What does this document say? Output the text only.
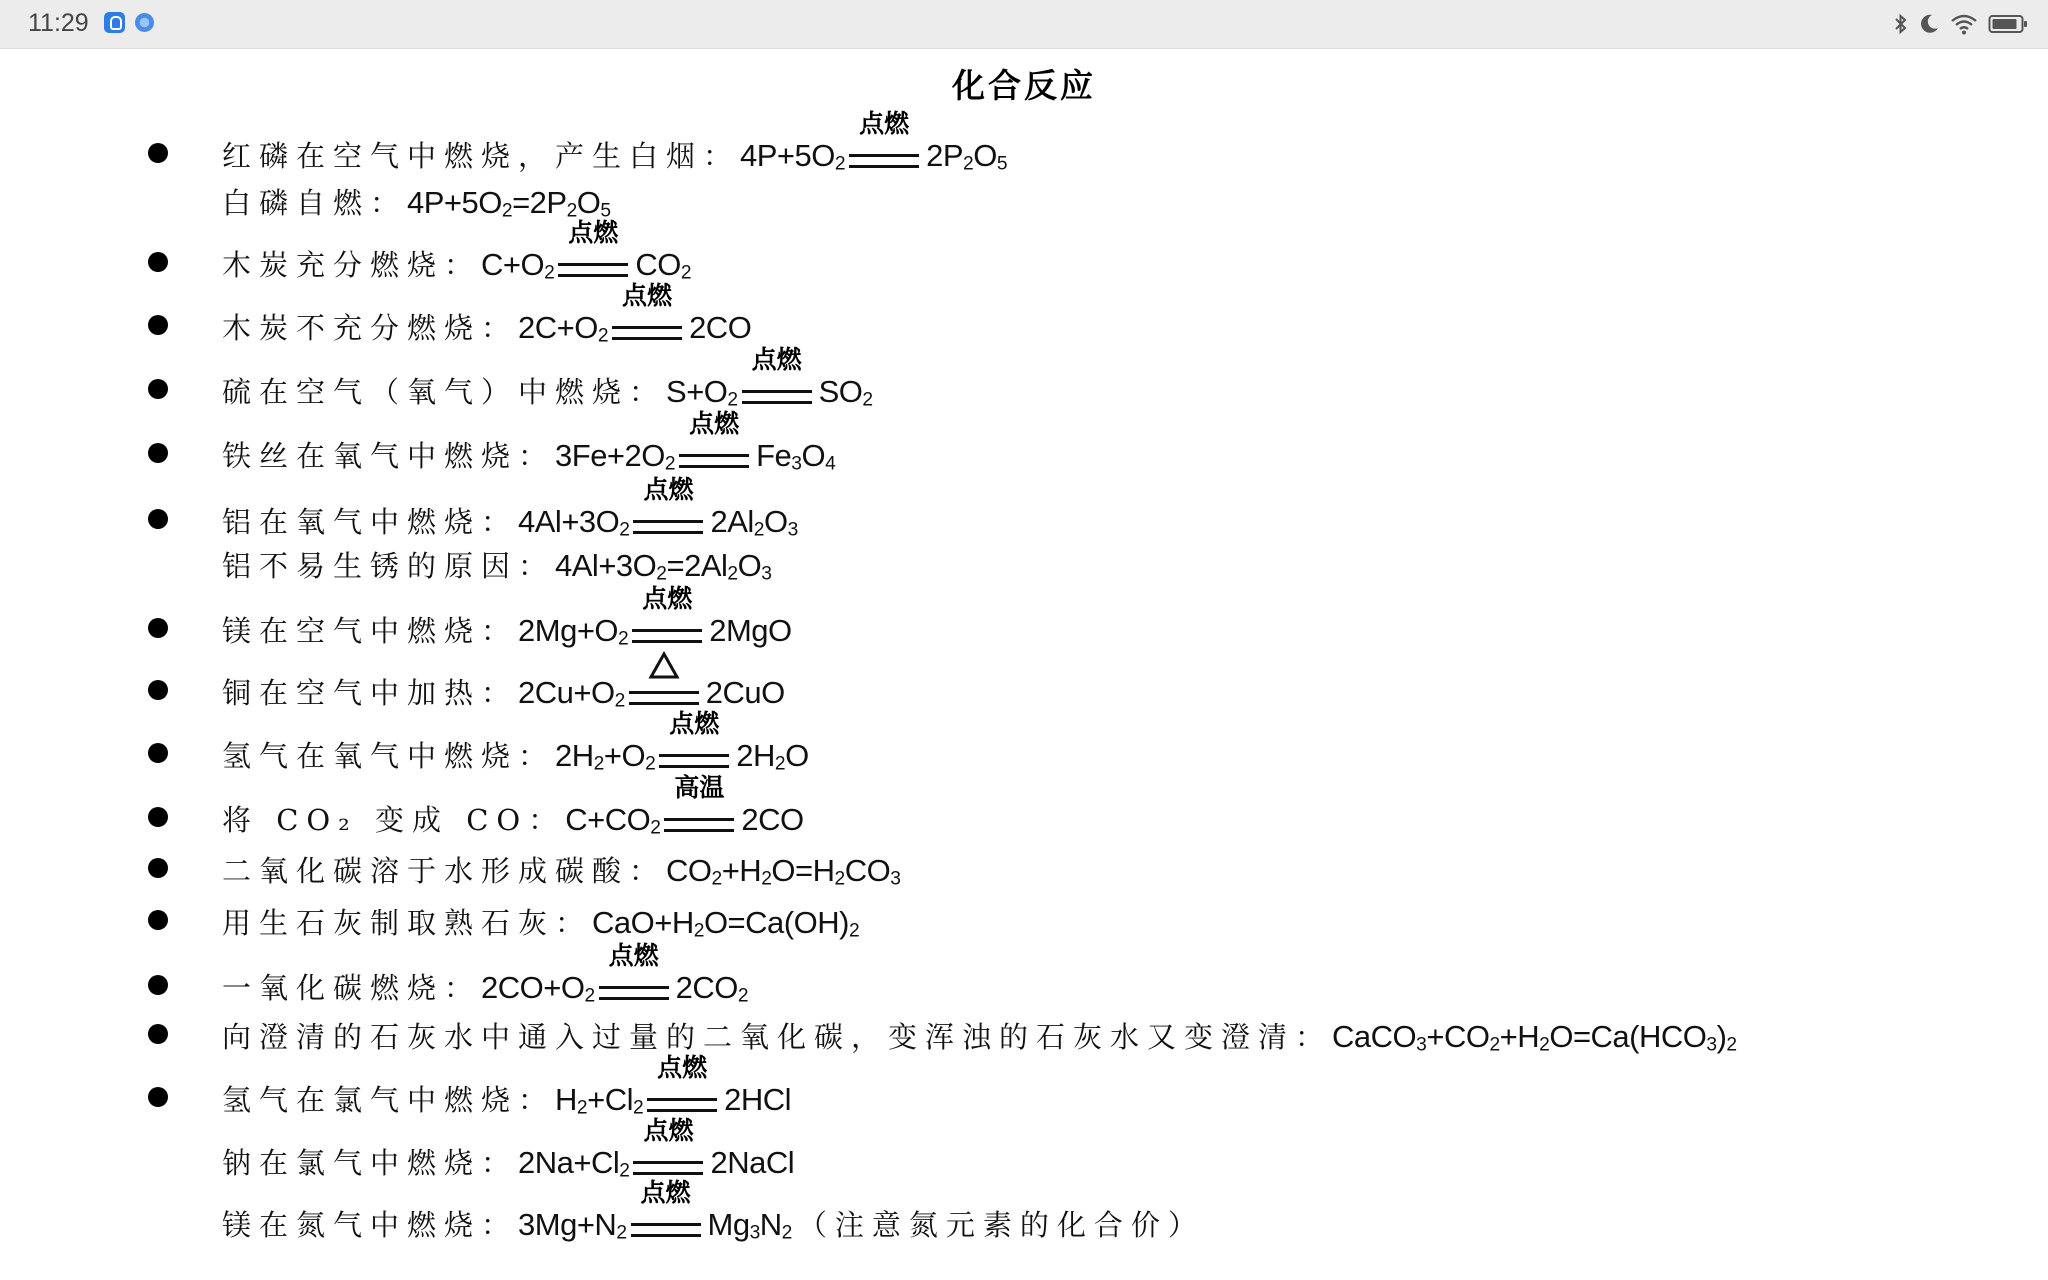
11:29
化合反应
红磷在空气中燃烧，产生白烟： $4P+5O_2$
点燃
$2P_2O_5$
白磷自燃： $4P+5O_2=2P_2O_5$
木炭充分燃烧： $C+O_2$
点燃
$CO_2$
木炭不充分燃烧： $2C+O_2$
点燃
2CO
硫在空气（氧气）中燃烧： $S+O_2$
点燃
$SO_2$
铁丝在氧气中燃烧： $3Fe+2O_2$
点燃
$Fe_3O_4$
铝在氧气中燃烧： $4Al+3O_2$
点燃
$2Al_2O_3$
铝不易生锈的原因： $4Al+3O_2=2Al_2O_3$
镁在空气中燃烧： $2Mg+O_2$
点燃
2MgO
铜在空气中加热： $2Cu+O_2$	2CuO
氢气在氧气中燃烧： $2H_2+O_2$
点燃
$2H_2O$
将 CO₂ 变成 CO： $C+CO_2$
高温
2CO
二氧化碳溶于水形成碳酸： $CO_2+H_2O=H_2CO_3$
用生石灰制取熟石灰： $CaO+H_2O=Ca(OH)_2$
一氧化碳燃烧： $2CO+O_2$
点燃
$2CO_2$
向澄清的石灰水中通入过量的二氧化碳，变浑浊的石灰水又变澄清： $CaCO_3+CO_2+H_2O=Ca(HCO_3)_2$
氢气在氯气中燃烧： $H_2+Cl_2$
点燃
2HCl
钠在氯气中燃烧： $2Na+Cl_2$
点燃
2NaCl
镁在氮气中燃烧： $3Mg+N_2$
点燃
$Mg_3N_2$ （注意氮元素的化合价）
